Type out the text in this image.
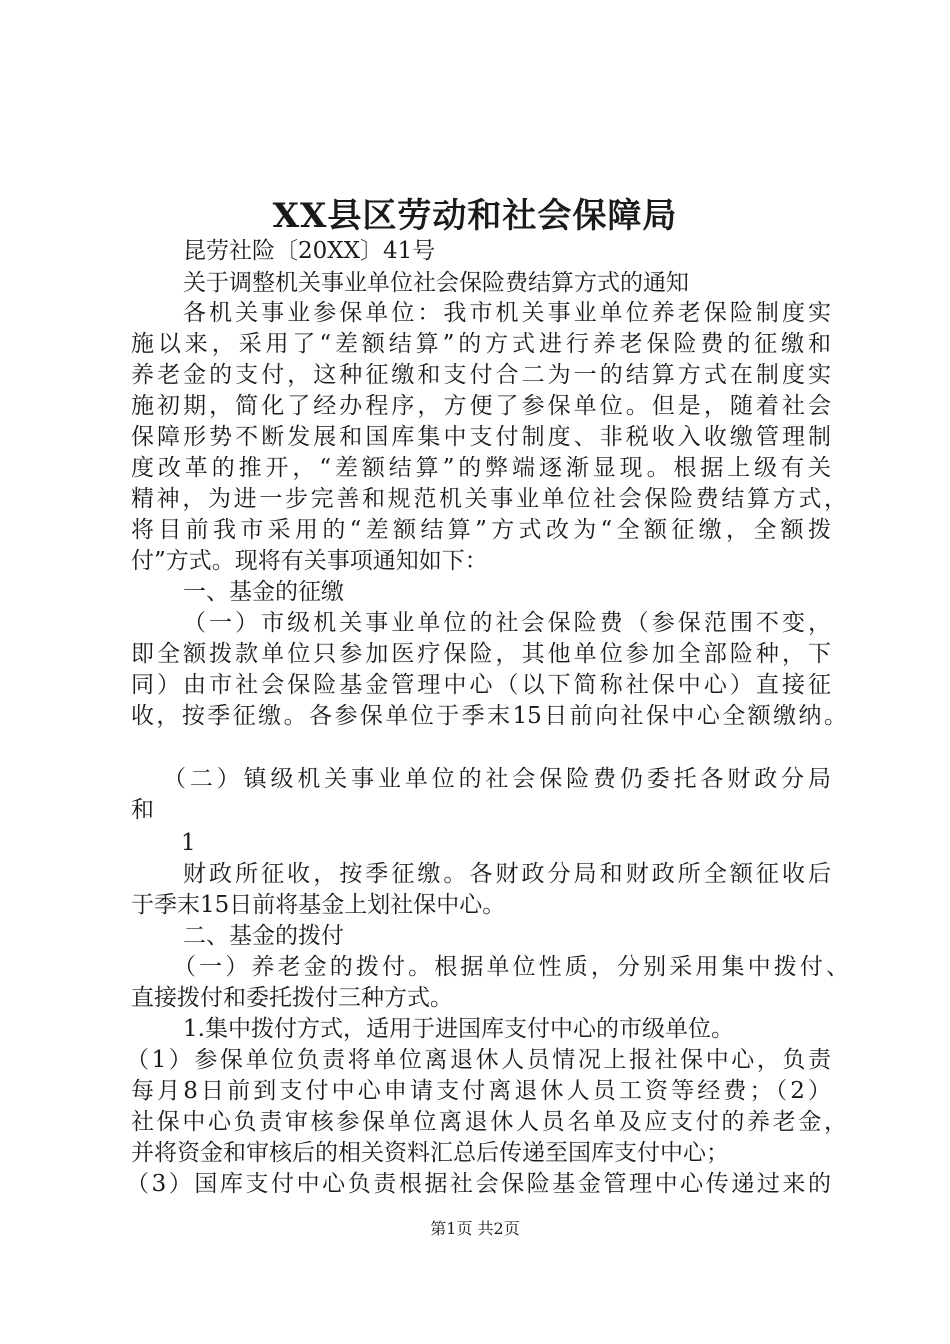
XX县区劳动和社会保障局
昆劳社险〔20XX〕41号
关于调整机关事业单位社会保险费结算方式的通知
各机关事业参保单位：我市机关事业单位养老保险制度实
施以来，采用了“差额结算”的方式进行养老保险费的征缴和
养老金的支付，这种征缴和支付合二为一的结算方式在制度实
施初期，简化了经办程序，方便了参保单位。但是，随着社会
保障形势不断发展和国库集中支付制度、非税收入收缴管理制
度改革的推开，“差额结算”的弊端逐渐显现。根据上级有关
精神，为进一步完善和规范机关事业单位社会保险费结算方式，
将目前我市采用的“差额结算”方式改为“全额征缴，全额拨
付”方式。现将有关事项通知如下：
一、基金的征缴
（一）市级机关事业单位的社会保险费（参保范围不变，
即全额拨款单位只参加医疗保险，其他单位参加全部险种，下
同）由市社会保险基金管理中心（以下简称社保中心）直接征
收，按季征缴。各参保单位于季末15日前向社保中心全额缴纳。
（二）镇级机关事业单位的社会保险费仍委托各财政分局
和
1
财政所征收，按季征缴。各财政分局和财政所全额征收后
于季末15日前将基金上划社保中心。
二、基金的拨付
（一）养老金的拨付。根据单位性质，分别采用集中拨付、
直接拨付和委托拨付三种方式。
1.集中拨付方式，适用于进国库支付中心的市级单位。
（1）参保单位负责将单位离退休人员情况上报社保中心，负责
每月8日前到支付中心申请支付离退休人员工资等经费；（2）
社保中心负责审核参保单位离退休人员名单及应支付的养老金，
并将资金和审核后的相关资料汇总后传递至国库支付中心；
（3）国库支付中心负责根据社会保险基金管理中心传递过来的
第1页 共2页
